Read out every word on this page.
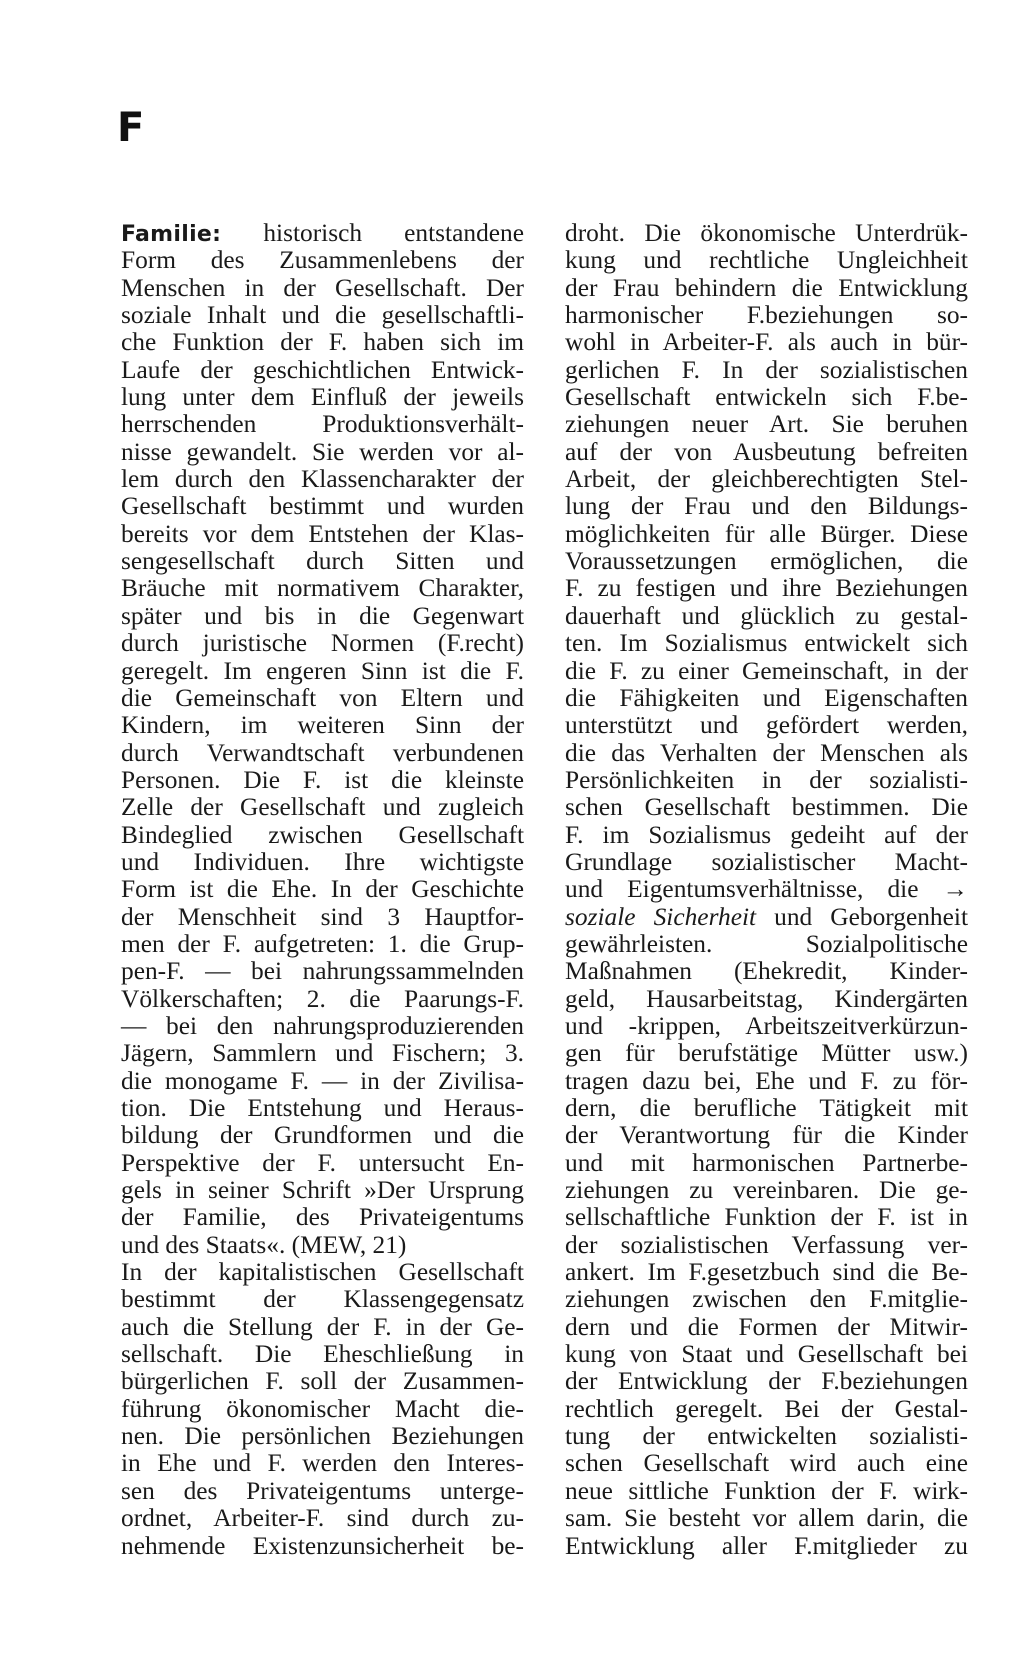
F
Familie: historisch entstandene
Form des Zusammenlebens der
Menschen in der Gesellschaft. Der
soziale Inhalt und die gesellschaftli-
che Funktion der F. haben sich im
Laufe der geschichtlichen Entwick-
lung unter dem Einfluß der jeweils
herrschenden Produktionsverhält-
nisse gewandelt. Sie werden vor al-
lem durch den Klassencharakter der
Gesellschaft bestimmt und wurden
bereits vor dem Entstehen der Klas-
sengesellschaft durch Sitten und
Bräuche mit normativem Charakter,
später und bis in die Gegenwart
durch juristische Normen (F.recht)
geregelt. Im engeren Sinn ist die F.
die Gemeinschaft von Eltern und
Kindern, im weiteren Sinn der
durch Verwandtschaft verbundenen
Personen. Die F. ist die kleinste
Zelle der Gesellschaft und zugleich
Bindeglied zwischen Gesellschaft
und Individuen. Ihre wichtigste
Form ist die Ehe. In der Geschichte
der Menschheit sind 3 Hauptfor-
men der F. aufgetreten: 1. die Grup-
pen-F. — bei nahrungssammelnden
Völkerschaften; 2. die Paarungs-F.
— bei den nahrungsproduzierenden
Jägern, Sammlern und Fischern; 3.
die monogame F. — in der Zivilisa-
tion. Die Entstehung und Heraus-
bildung der Grundformen und die
Perspektive der F. untersucht En-
gels in seiner Schrift »Der Ursprung
der Familie, des Privateigentums
und des Staats«. (MEW, 21)
In der kapitalistischen Gesellschaft
bestimmt der Klassengegensatz
auch die Stellung der F. in der Ge-
sellschaft. Die Eheschließung in
bürgerlichen F. soll der Zusammen-
führung ökonomischer Macht die-
nen. Die persönlichen Beziehungen
in Ehe und F. werden den Interes-
sen des Privateigentums unterge-
ordnet, Arbeiter-F. sind durch zu-
nehmende Existenzunsicherheit be-
droht. Die ökonomische Unterdrük-
kung und rechtliche Ungleichheit
der Frau behindern die Entwicklung
harmonischer F.beziehungen so-
wohl in Arbeiter-F. als auch in bür-
gerlichen F. In der sozialistischen
Gesellschaft entwickeln sich F.be-
ziehungen neuer Art. Sie beruhen
auf der von Ausbeutung befreiten
Arbeit, der gleichberechtigten Stel-
lung der Frau und den Bildungs-
möglichkeiten für alle Bürger. Diese
Voraussetzungen ermöglichen, die
F. zu festigen und ihre Beziehungen
dauerhaft und glücklich zu gestal-
ten. Im Sozialismus entwickelt sich
die F. zu einer Gemeinschaft, in der
die Fähigkeiten und Eigenschaften
unterstützt und gefördert werden,
die das Verhalten der Menschen als
Persönlichkeiten in der sozialisti-
schen Gesellschaft bestimmen. Die
F. im Sozialismus gedeiht auf der
Grundlage sozialistischer Macht-
und Eigentumsverhältnisse, die →
soziale Sicherheit und Geborgenheit
gewährleisten. Sozialpolitische
Maßnahmen (Ehekredit, Kinder-
geld, Hausarbeitstag, Kindergärten
und -krippen, Arbeitszeitverkürzun-
gen für berufstätige Mütter usw.)
tragen dazu bei, Ehe und F. zu för-
dern, die berufliche Tätigkeit mit
der Verantwortung für die Kinder
und mit harmonischen Partnerbe-
ziehungen zu vereinbaren. Die ge-
sellschaftliche Funktion der F. ist in
der sozialistischen Verfassung ver-
ankert. Im F.gesetzbuch sind die Be-
ziehungen zwischen den F.mitglie-
dern und die Formen der Mitwir-
kung von Staat und Gesellschaft bei
der Entwicklung der F.beziehungen
rechtlich geregelt. Bei der Gestal-
tung der entwickelten sozialisti-
schen Gesellschaft wird auch eine
neue sittliche Funktion der F. wirk-
sam. Sie besteht vor allem darin, die
Entwicklung aller F.mitglieder zu
